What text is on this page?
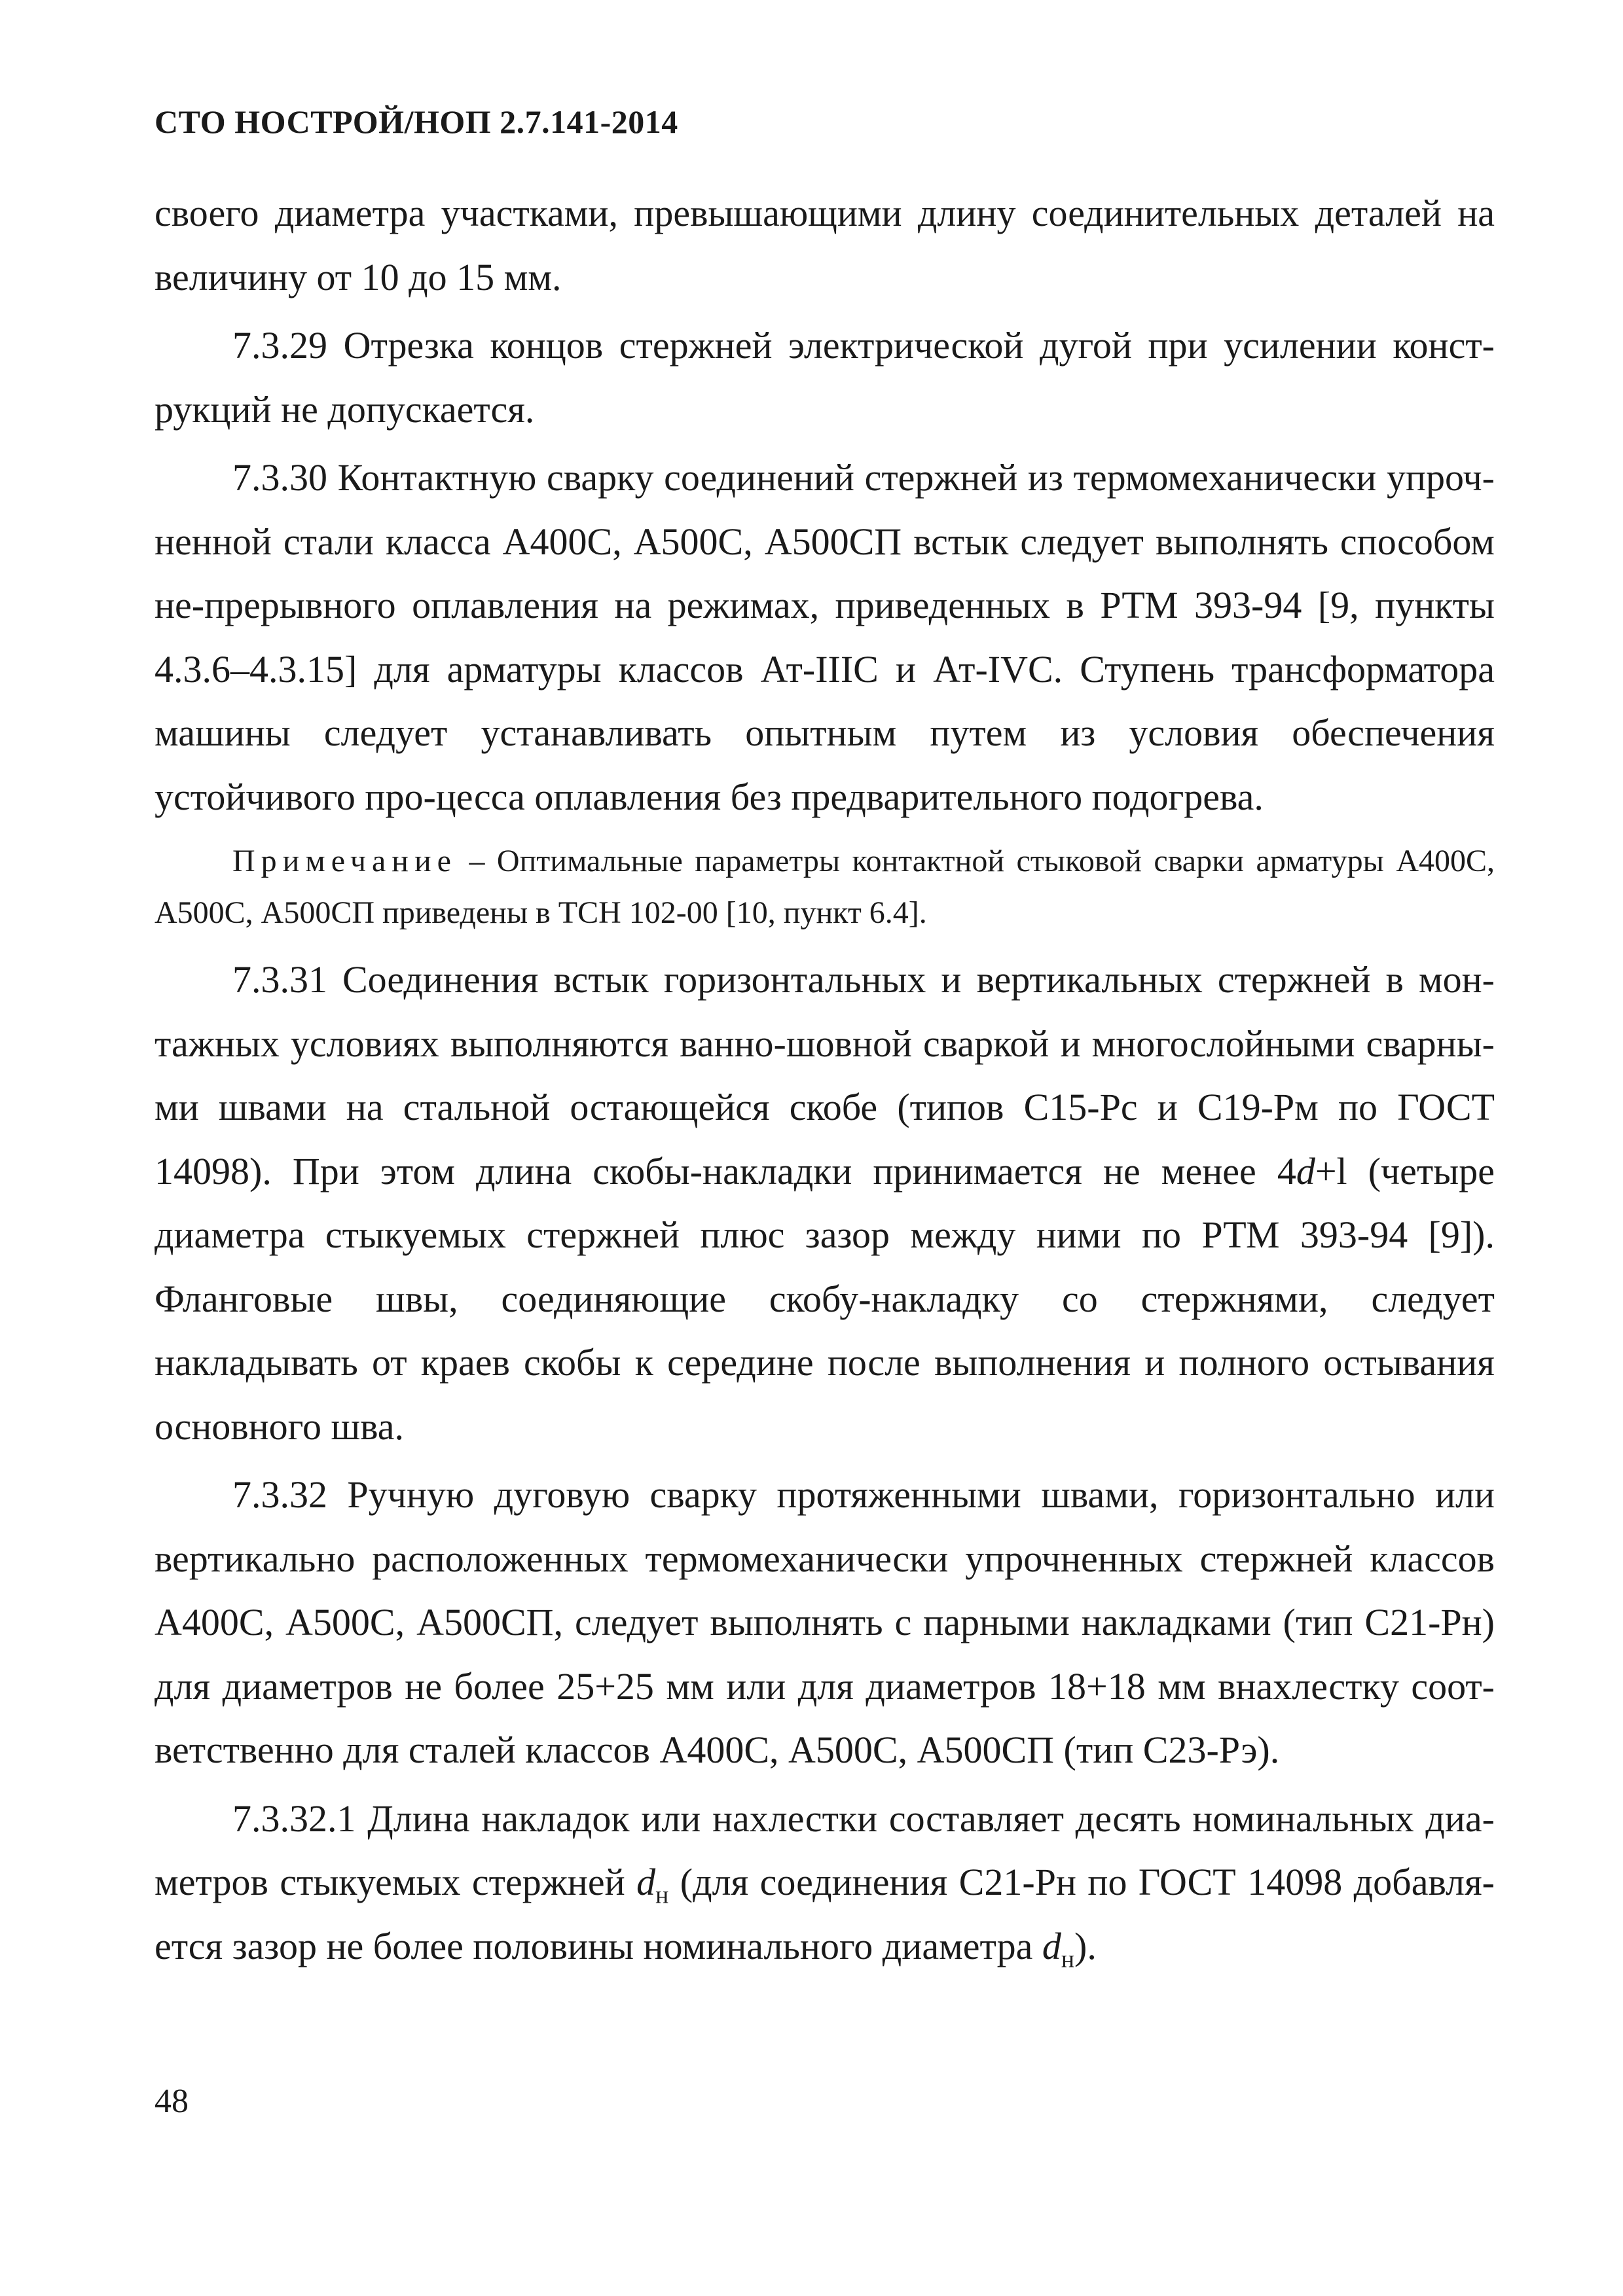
СТО НОСТРОЙ/НОП 2.7.141-2014

своего диаметра участками, превышающими длину соединительных деталей на величину от 10 до 15 мм.

7.3.29 Отрезка концов стержней электрической дугой при усилении конст-рукций не допускается.

7.3.30 Контактную сварку соединений стержней из термомеханически упроч-ненной стали класса А400С, А500С, А500СП встык следует выполнять способом не-прерывного оплавления на режимах, приведенных в РТМ 393-94 [9, пункты 4.3.6–4.3.15] для арматуры классов Ат-IIIС и Ат-IVС. Ступень трансформатора машины следует устанавливать опытным путем из условия обеспечения устойчивого про-цесса оплавления без предварительного подогрева.

Примечание – Оптимальные параметры контактной стыковой сварки арматуры А400С, А500С, А500СП приведены в ТСН 102-00 [10, пункт 6.4].

7.3.31 Соединения встык горизонтальных и вертикальных стержней в мон-тажных условиях выполняются ванно-шовной сваркой и многослойными сварны-ми швами на стальной остающейся скобе (типов С15-Рс и С19-Рм по ГОСТ 14098). При этом длина скобы-накладки принимается не менее 4d+l (четыре диаметра стыкуемых стержней плюс зазор между ними по РТМ 393-94 [9]). Фланговые швы, соединяющие скобу-накладку со стержнями, следует накладывать от краев скобы к середине после выполнения и полного остывания основного шва.

7.3.32 Ручную дуговую сварку протяженными швами, горизонтально или вертикально расположенных термомеханически упрочненных стержней классов А400С, А500С, А500СП, следует выполнять с парными накладками (тип С21-Рн) для диаметров не более 25+25 мм или для диаметров 18+18 мм внахлестку соот-ветственно для сталей классов А400С, А500С, А500СП (тип С23-Рэ).

7.3.32.1 Длина накладок или нахлестки составляет десять номинальных диа-метров стыкуемых стержней $d_н$ (для соединения С21-Рн по ГОСТ 14098 добавля-ется зазор не более половины номинального диаметра $d_н$).

48
